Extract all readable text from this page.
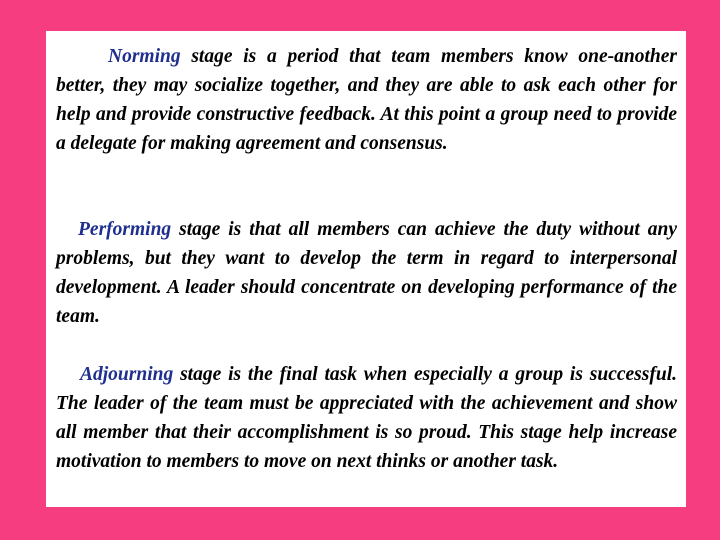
Norming stage is a period that team members know one-another better, they may socialize together, and they are able to ask each other for help and provide constructive feedback. At this point a group need to provide a delegate for making agreement and consensus.

Performing stage is that all members can achieve the duty without any problems, but they want to develop the term in regard to interpersonal development. A leader should concentrate on developing performance of the team.

Adjourning stage is the final task when especially a group is successful. The leader of the team must be appreciated with the achievement and show all member that their accomplishment is so proud. This stage help increase motivation to members to move on next thinks or another task.
